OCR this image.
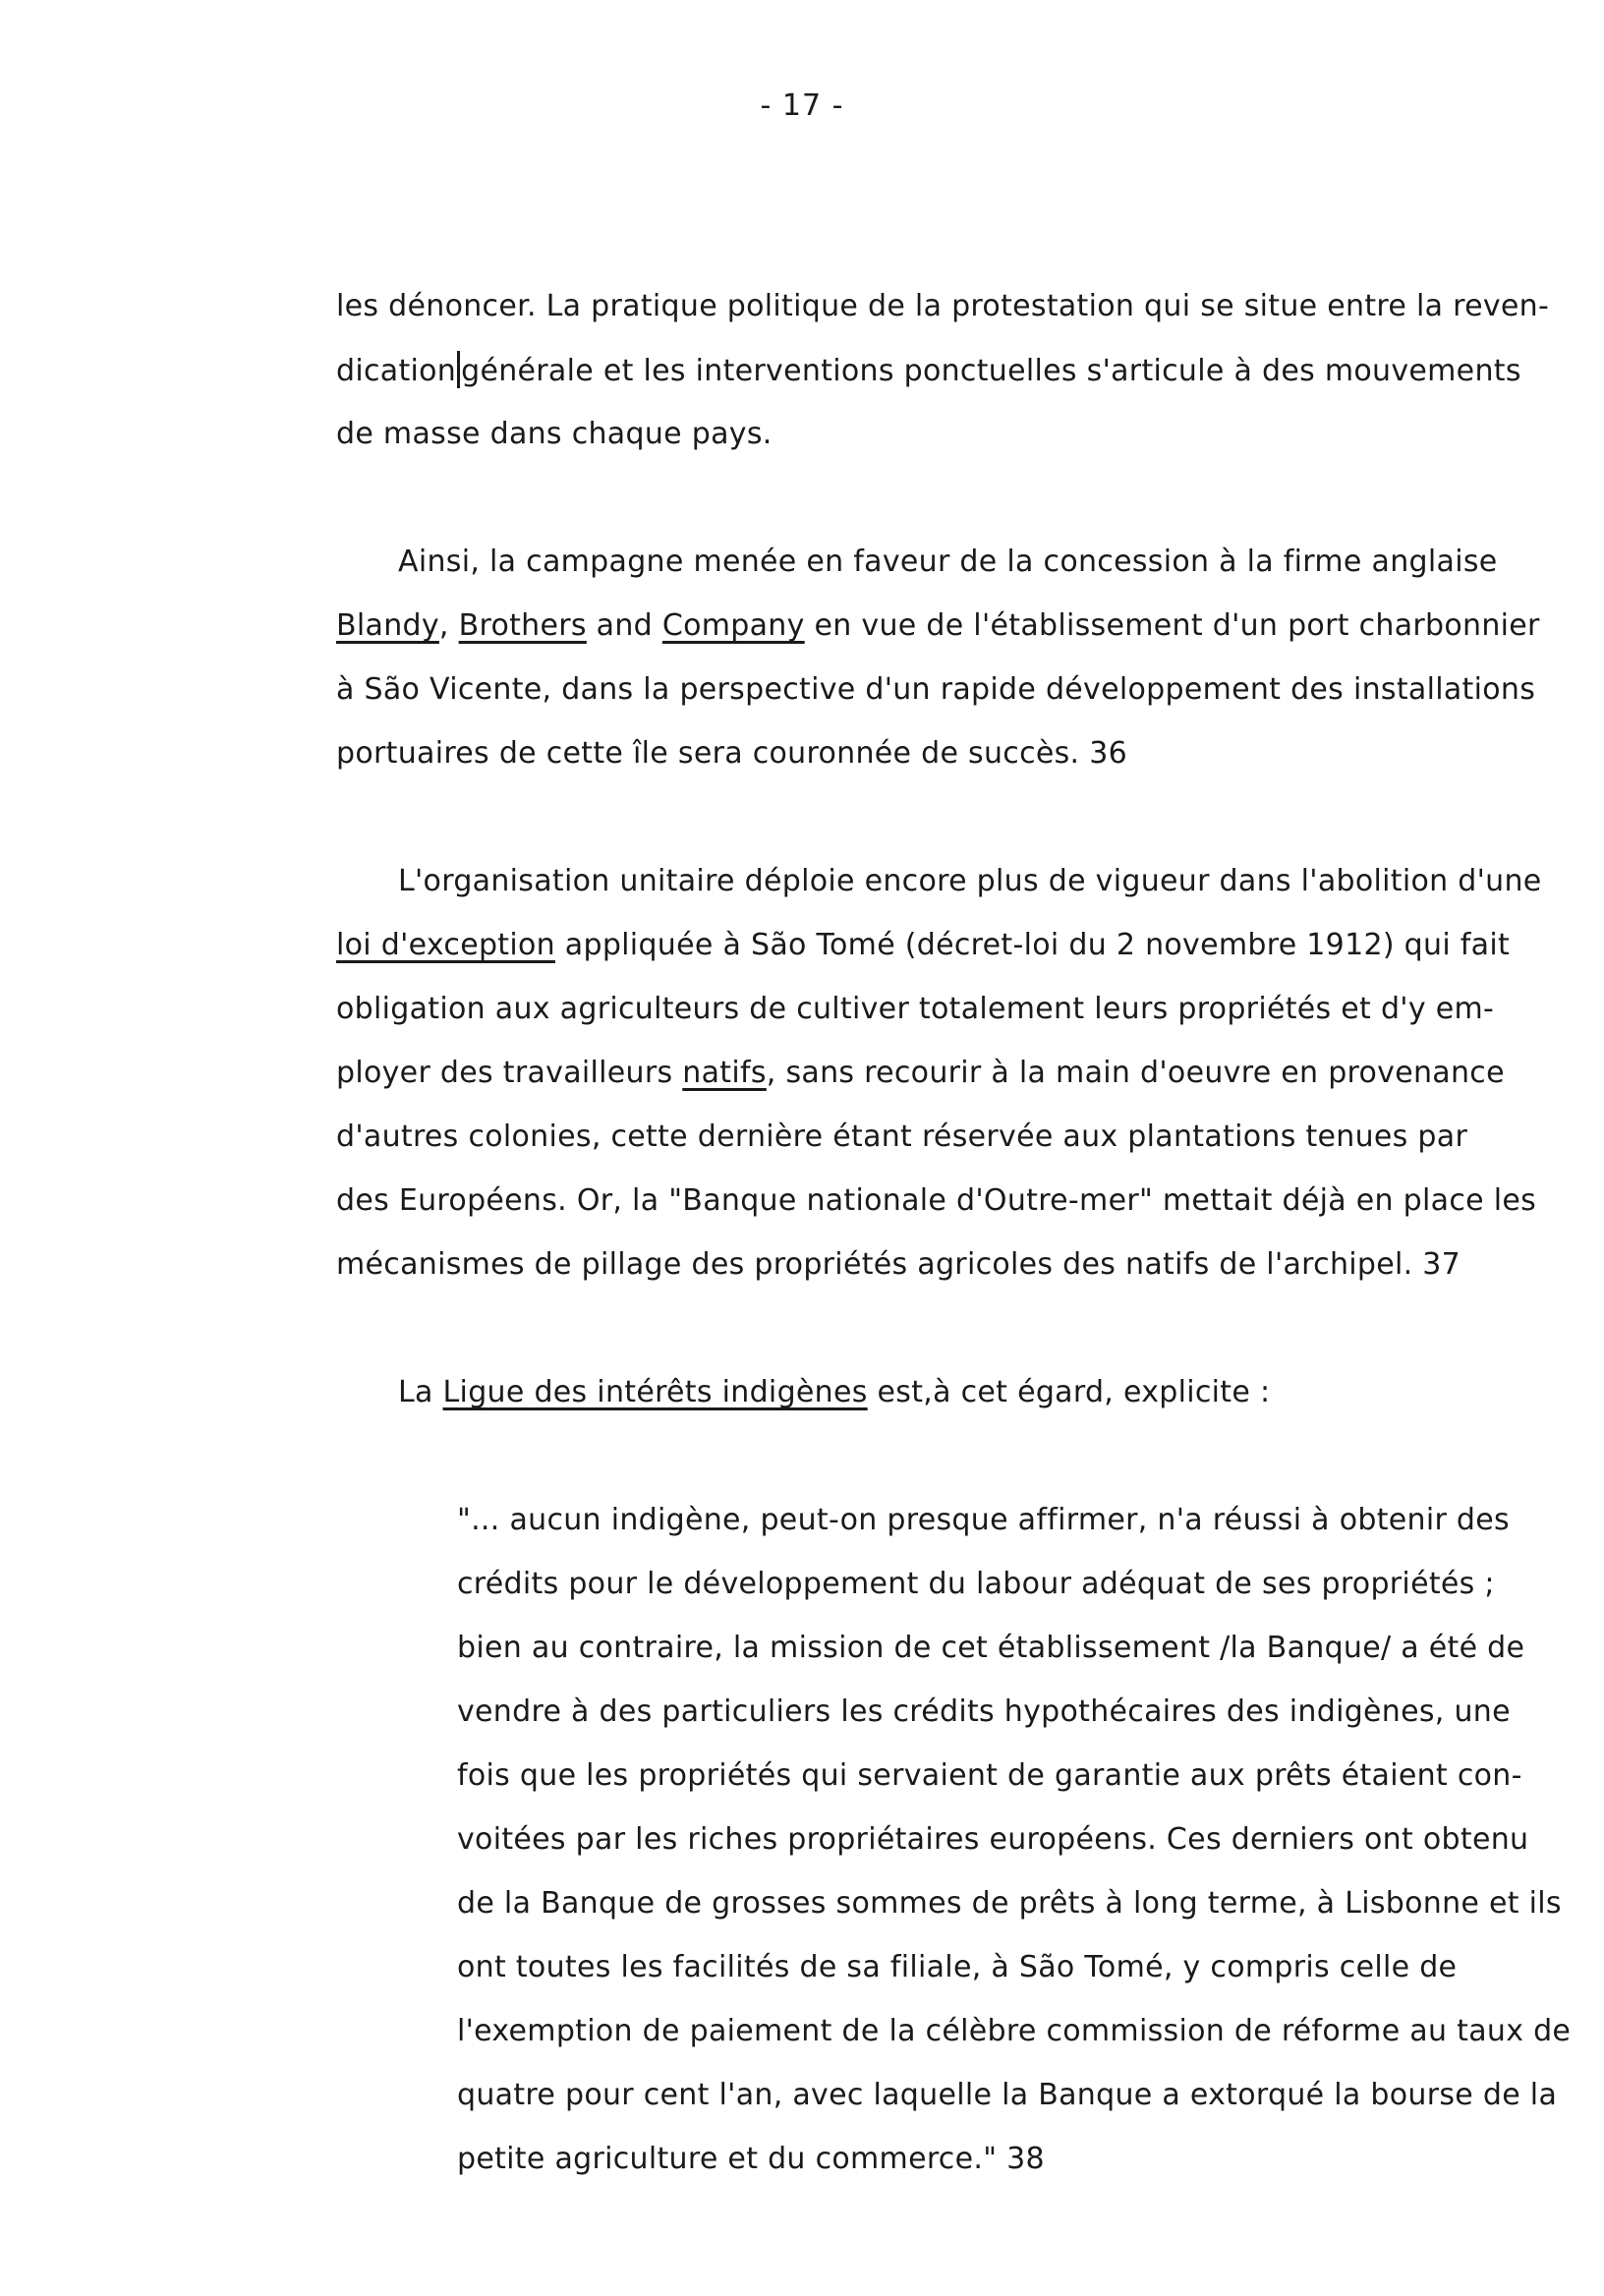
- 17 -
les dénoncer. La pratique politique de la protestation qui se situe entre la reven-
dication générale et les interventions ponctuelles s'articule à des mouvements
de masse dans chaque pays.
Ainsi, la campagne menée en faveur de la concession à la firme anglaise
Blandy, Brothers and Company en vue de l'établissement d'un port charbonnier
à São Vicente, dans la perspective d'un rapide développement des installations
portuaires de cette île sera couronnée de succès. 36
L'organisation unitaire déploie encore plus de vigueur dans l'abolition d'une
loi d'exception appliquée à São Tomé (décret-loi du 2 novembre 1912) qui fait
obligation aux agriculteurs de cultiver totalement leurs propriétés et d'y em-
ployer des travailleurs natifs, sans recourir à la main d'oeuvre en provenance
d'autres colonies, cette dernière étant réservée aux plantations tenues par
des Européens. Or, la "Banque nationale d'Outre-mer" mettait déjà en place les
mécanismes de pillage des propriétés agricoles des natifs de l'archipel. 37
La Ligue des intérêts indigènes est,à cet égard, explicite :
"... aucun indigène, peut-on presque affirmer, n'a réussi à obtenir des
crédits pour le développement du labour adéquat de ses propriétés ;
bien au contraire, la mission de cet établissement /la Banque/ a été de
vendre à des particuliers les crédits hypothécaires des indigènes, une
fois que les propriétés qui servaient de garantie aux prêts étaient con-
voitées par les riches propriétaires européens. Ces derniers ont obtenu
de la Banque de grosses sommes de prêts à long terme, à Lisbonne et ils
ont toutes les facilités de sa filiale, à São Tomé, y compris celle de
l'exemption de paiement de la célèbre commission de réforme au taux de
quatre pour cent l'an, avec laquelle la Banque a extorqué la bourse de la
petite agriculture et du commerce." 38
